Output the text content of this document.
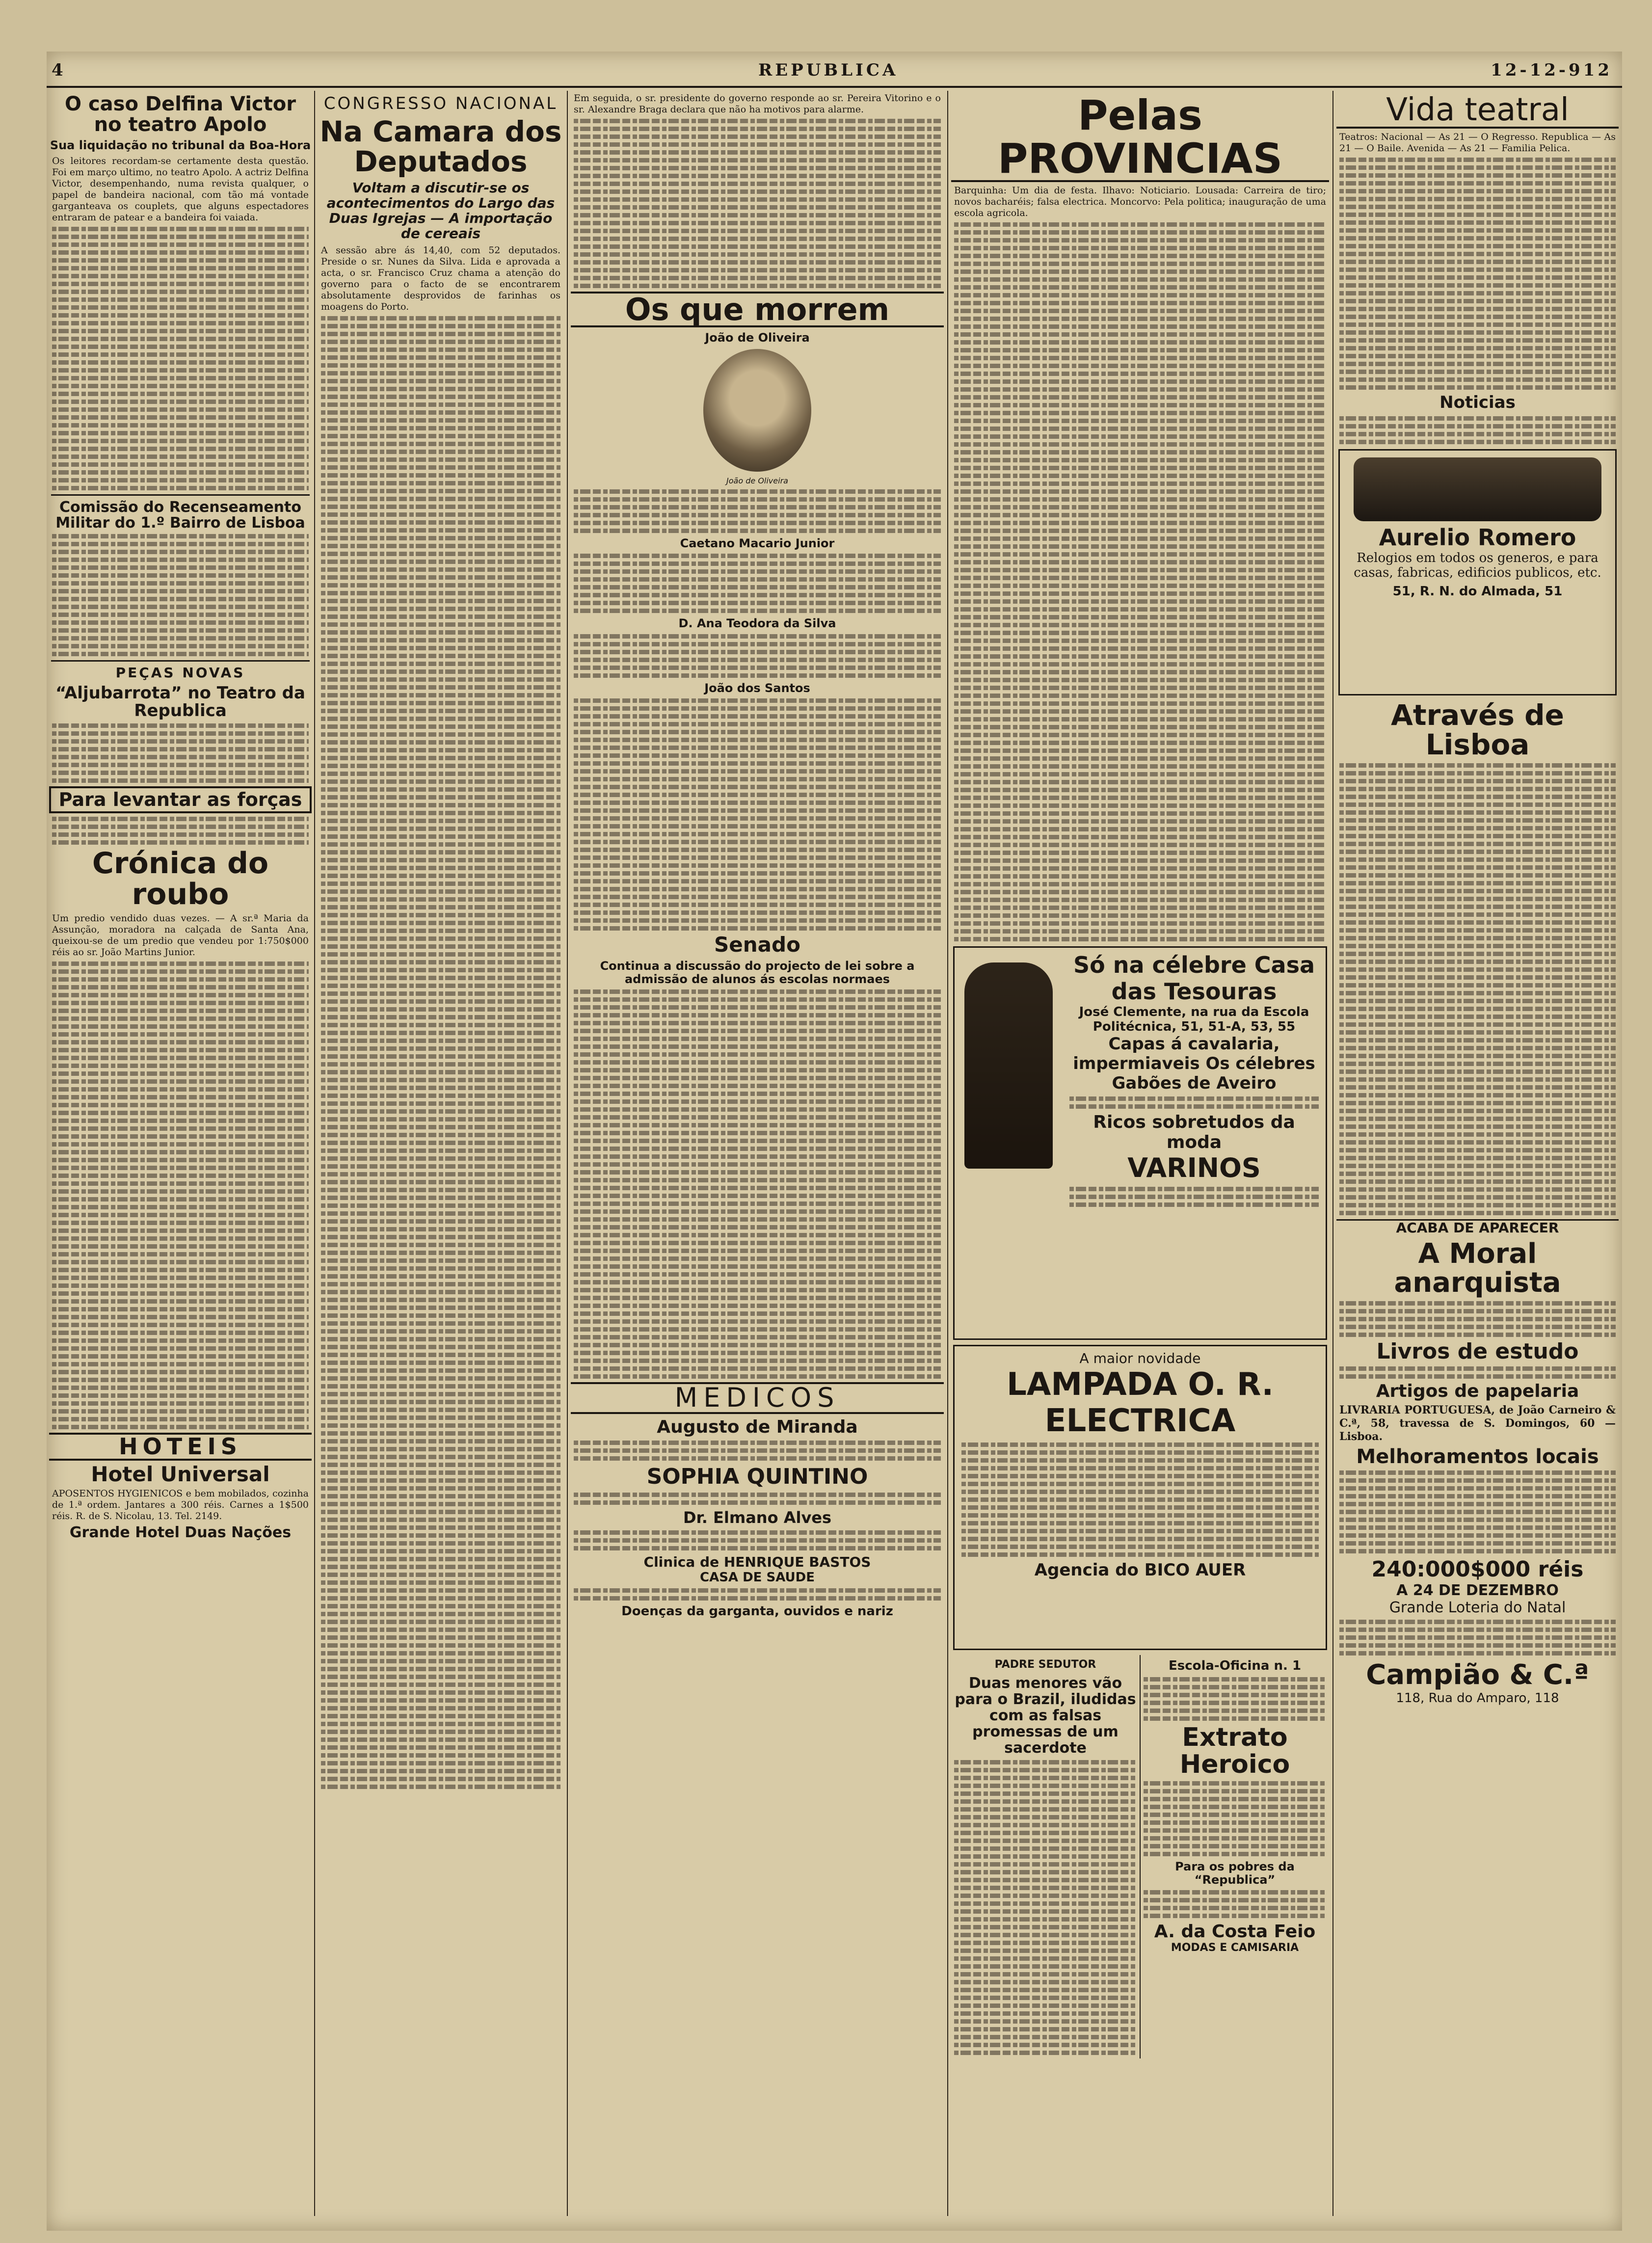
4	REPUBLICA	12-12-912
O caso Delfina Victor no teatro Apolo
Sua liquidação no tribunal da Boa-Hora
Os leitores recordam-se certamente desta questão. Foi em março ultimo, no teatro Apolo. A actriz Delfina Victor, desempenhando, numa revista qualquer, o papel de bandeira nacional, com tão má vontade garganteava os couplets, que alguns espectadores entraram de patear e a bandeira foi vaiada.
Comissão do Recenseamento Militar do 1.º Bairro de Lisboa
PEÇAS NOVAS
“Aljubarrota” no Teatro da Republica
Para levantar as forças
Crónica do roubo
Um predio vendido duas vezes. — A sr.ª Maria da Assunção, moradora na calçada de Santa Ana, queixou-se de um predio que vendeu por 1:750$000 réis ao sr. João Martins Junior.
HOTEIS
Hotel Universal
APOSENTOS HYGIENICOS e bem mobilados, cozinha de 1.ª ordem. Jantares a 300 réis. Carnes a 1$500 réis. R. de S. Nicolau, 13. Tel. 2149.
Grande Hotel Duas Nações
CONGRESSO NACIONAL
Na Camara dos Deputados
Voltam a discutir-se os acontecimentos do Largo das Duas Igrejas — A importação de cereais
A sessão abre ás 14,40, com 52 deputados. Preside o sr. Nunes da Silva. Lida e aprovada a acta, o sr. Francisco Cruz chama a atenção do governo para o facto de se encontrarem absolutamente desprovidos de farinhas os moagens do Porto.
Em seguida, o sr. presidente do governo responde ao sr. Pereira Vitorino e o sr. Alexandre Braga declara que não ha motivos para alarme.
Os que morrem
João de Oliveira
João de Oliveira
Caetano Macario Junior
D. Ana Teodora da Silva
João dos Santos
Senado
Continua a discussão do projecto de lei sobre a admissão de alunos ás escolas normaes
MEDICOS
Augusto de Miranda
SOPHIA QUINTINO
Dr. Elmano Alves
Clinica de HENRIQUE BASTOS
CASA DE SAUDE
Doenças da garganta, ouvidos e nariz
Pelas PROVINCIAS
Barquinha: Um dia de festa. Ilhavo: Noticiario. Lousada: Carreira de tiro; novos bacharéis; falsa electrica. Moncorvo: Pela politica; inauguração de uma escola agricola.
Só na célebre Casa das Tesouras
José Clemente, na rua da Escola Politécnica, 51, 51-A, 53, 55
Capas á cavalaria, impermiaveis Os célebres Gabões de Aveiro
Ricos sobretudos da moda
VARINOS
A maior novidade
LAMPADA O. R. ELECTRICA
Agencia do BICO AUER
PADRE SEDUTOR
Duas menores vão para o Brazil, iludidas com as falsas promessas de um sacerdote
Escola-Oficina n. 1
Extrato Heroico
Para os pobres da “Republica”
A. da Costa Feio
MODAS E CAMISARIA
Vida teatral
Teatros: Nacional — As 21 — O Regresso. Republica — As 21 — O Baile. Avenida — As 21 — Familia Pelica.
Noticias
Aurelio Romero
Relogios em todos os generos, e para casas, fabricas, edificios publicos, etc.
51, R. N. do Almada, 51
Através de Lisboa
ACABA DE APARECER
A Moral anarquista
Livros de estudo
Artigos de papelaria
LIVRARIA PORTUGUESA, de João Carneiro & C.ª, 58, travessa de S. Domingos, 60 — Lisboa.
Melhoramentos locais
240:000$000 réis
A 24 DE DEZEMBRO
Grande Loteria do Natal
Campião & C.ª
118, Rua do Amparo, 118
